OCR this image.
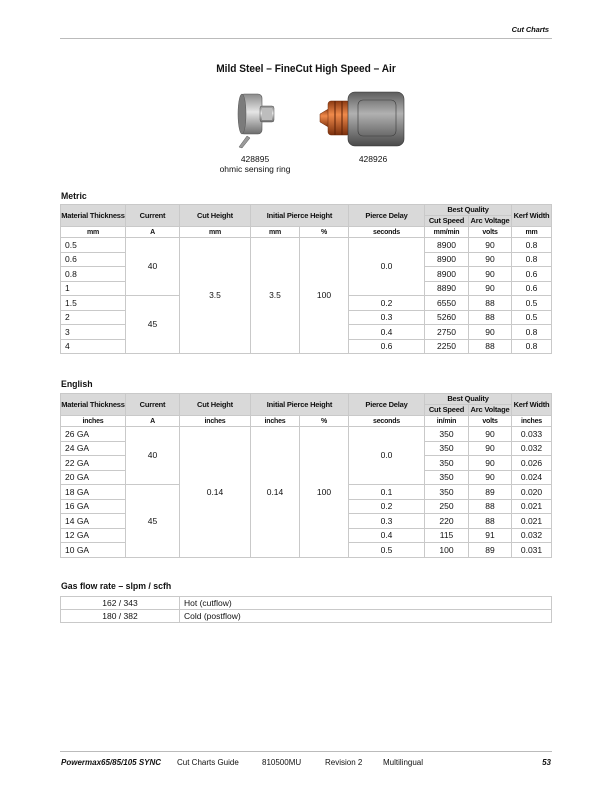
Cut Charts
Mild Steel – FineCut High Speed – Air
428895
ohmic sensing ring
428926
Metric
Material Thickness	Current	Cut Height	Initial Pierce Height		Pierce Delay	Best Quality		Kerf Width
						Cut Speed	Arc Voltage	
mm	A	mm	mm	%	seconds	mm/min	volts	mm
0.5	40	3.5	3.5	100	0.0	8900	90	0.8
0.6						8900	90	0.8
0.8						8900	90	0.6
1						8890	90	0.6
1.5	45				0.2	6550	88	0.5
2					0.3	5260	88	0.5
3					0.4	2750	90	0.8
4					0.6	2250	88	0.8
English
Material Thickness	Current	Cut Height	Initial Pierce Height		Pierce Delay	Best Quality		Kerf Width
						Cut Speed	Arc Voltage	
inches	A	inches	inches	%	seconds	in/min	volts	inches
26 GA	40	0.14	0.14	100	0.0	350	90	0.033
24 GA						350	90	0.032
22 GA						350	90	0.026
20 GA						350	90	0.024
18 GA	45				0.1	350	89	0.020
16 GA					0.2	250	88	0.021
14 GA					0.3	220	88	0.021
12 GA					0.4	115	91	0.032
10 GA					0.5	100	89	0.031
Gas flow rate – slpm / scfh
162 / 343	Hot (cutflow)
180 / 382	Cold (postflow)
Powermax65/85/105 SYNC Cut Charts Guide	810500MU	Revision 2	Multilingual	53
